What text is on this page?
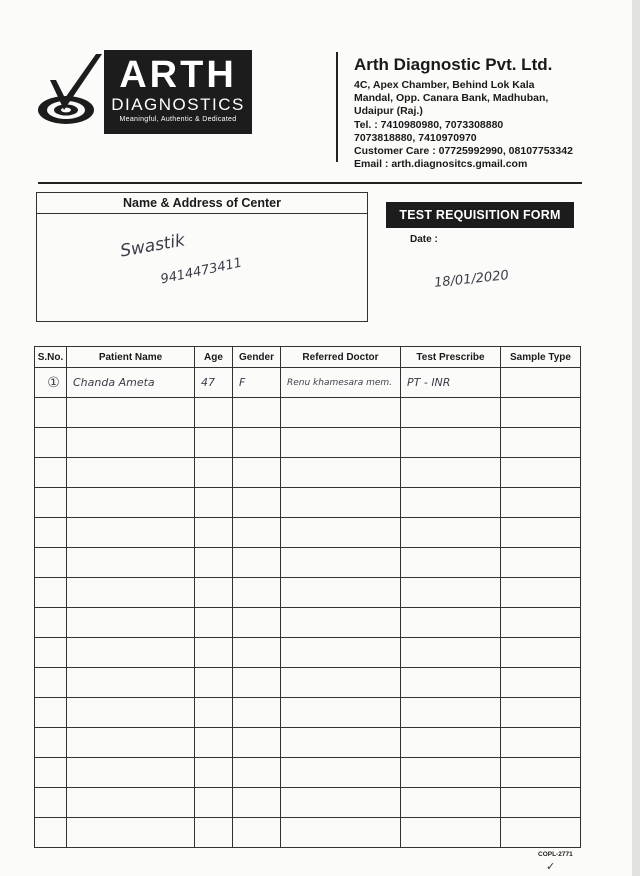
ARTH
DIAGNOSTICS
Meaningful, Authentic & Dedicated
Arth Diagnostic Pvt. Ltd.
4C, Apex Chamber, Behind Lok Kala
Mandal, Opp. Canara Bank, Madhuban,
Udaipur (Raj.)
Tel. : 7410980980, 7073308880
7073818880, 7410970970
Customer Care : 07725992990, 08107753342
Email : arth.diagnositcs.gmail.com
Name & Address of Center
Swastik
9414473411
TEST REQUISITION FORM
Date :
18/01/2020
S.No.	Patient Name	Age	Gender	Referred Doctor	Test Prescribe	Sample Type
①	Chanda Ameta	47	F	Renu khamesara mem.	PT - INR	

COPL-2771
✓
